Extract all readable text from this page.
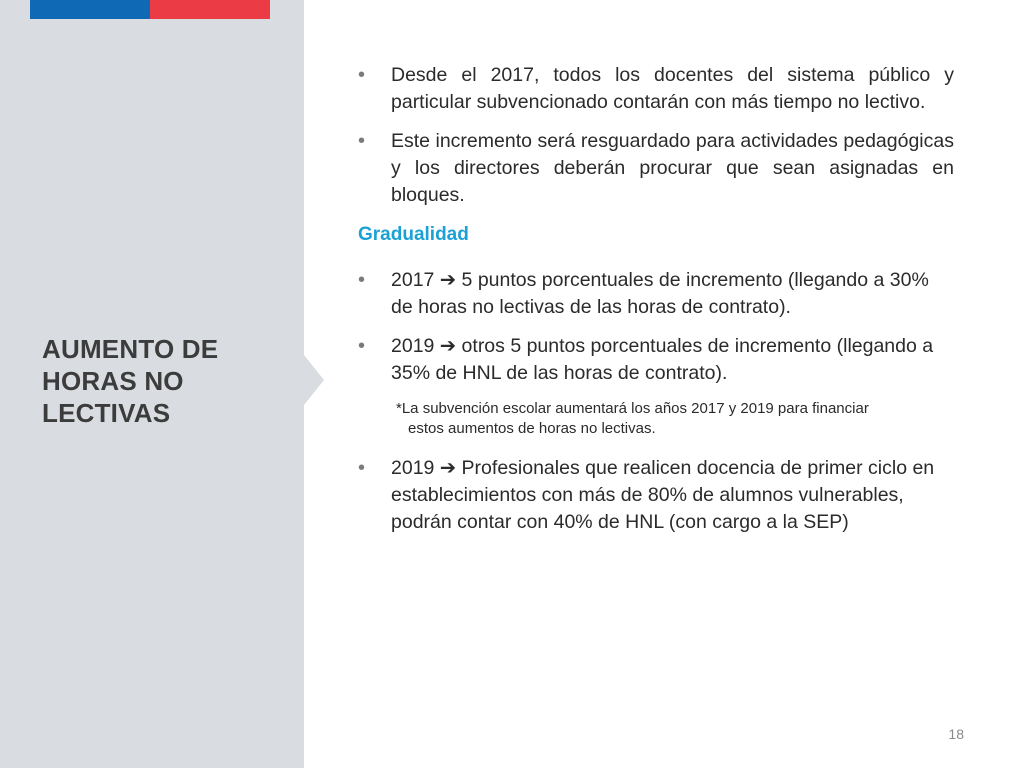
AUMENTO DE
HORAS NO
LECTIVAS
• Desde el 2017, todos los docentes del sistema público y particular subvencionado contarán con más tiempo no lectivo.
• Este incremento será resguardado para actividades pedagógicas y los directores deberán procurar que sean asignadas en bloques.
Gradualidad
• 2017 ➔ 5 puntos porcentuales de incremento (llegando a 30% de horas no lectivas de las horas de contrato).
• 2019 ➔ otros 5 puntos porcentuales de incremento (llegando a 35% de HNL de las horas de contrato).
*La subvención escolar aumentará los años 2017 y 2019 para financiar
estos aumentos de horas no lectivas.
• 2019 ➔ Profesionales que realicen docencia de primer ciclo en establecimientos con más de 80% de alumnos vulnerables, podrán contar con 40% de HNL (con cargo a la SEP)
18
